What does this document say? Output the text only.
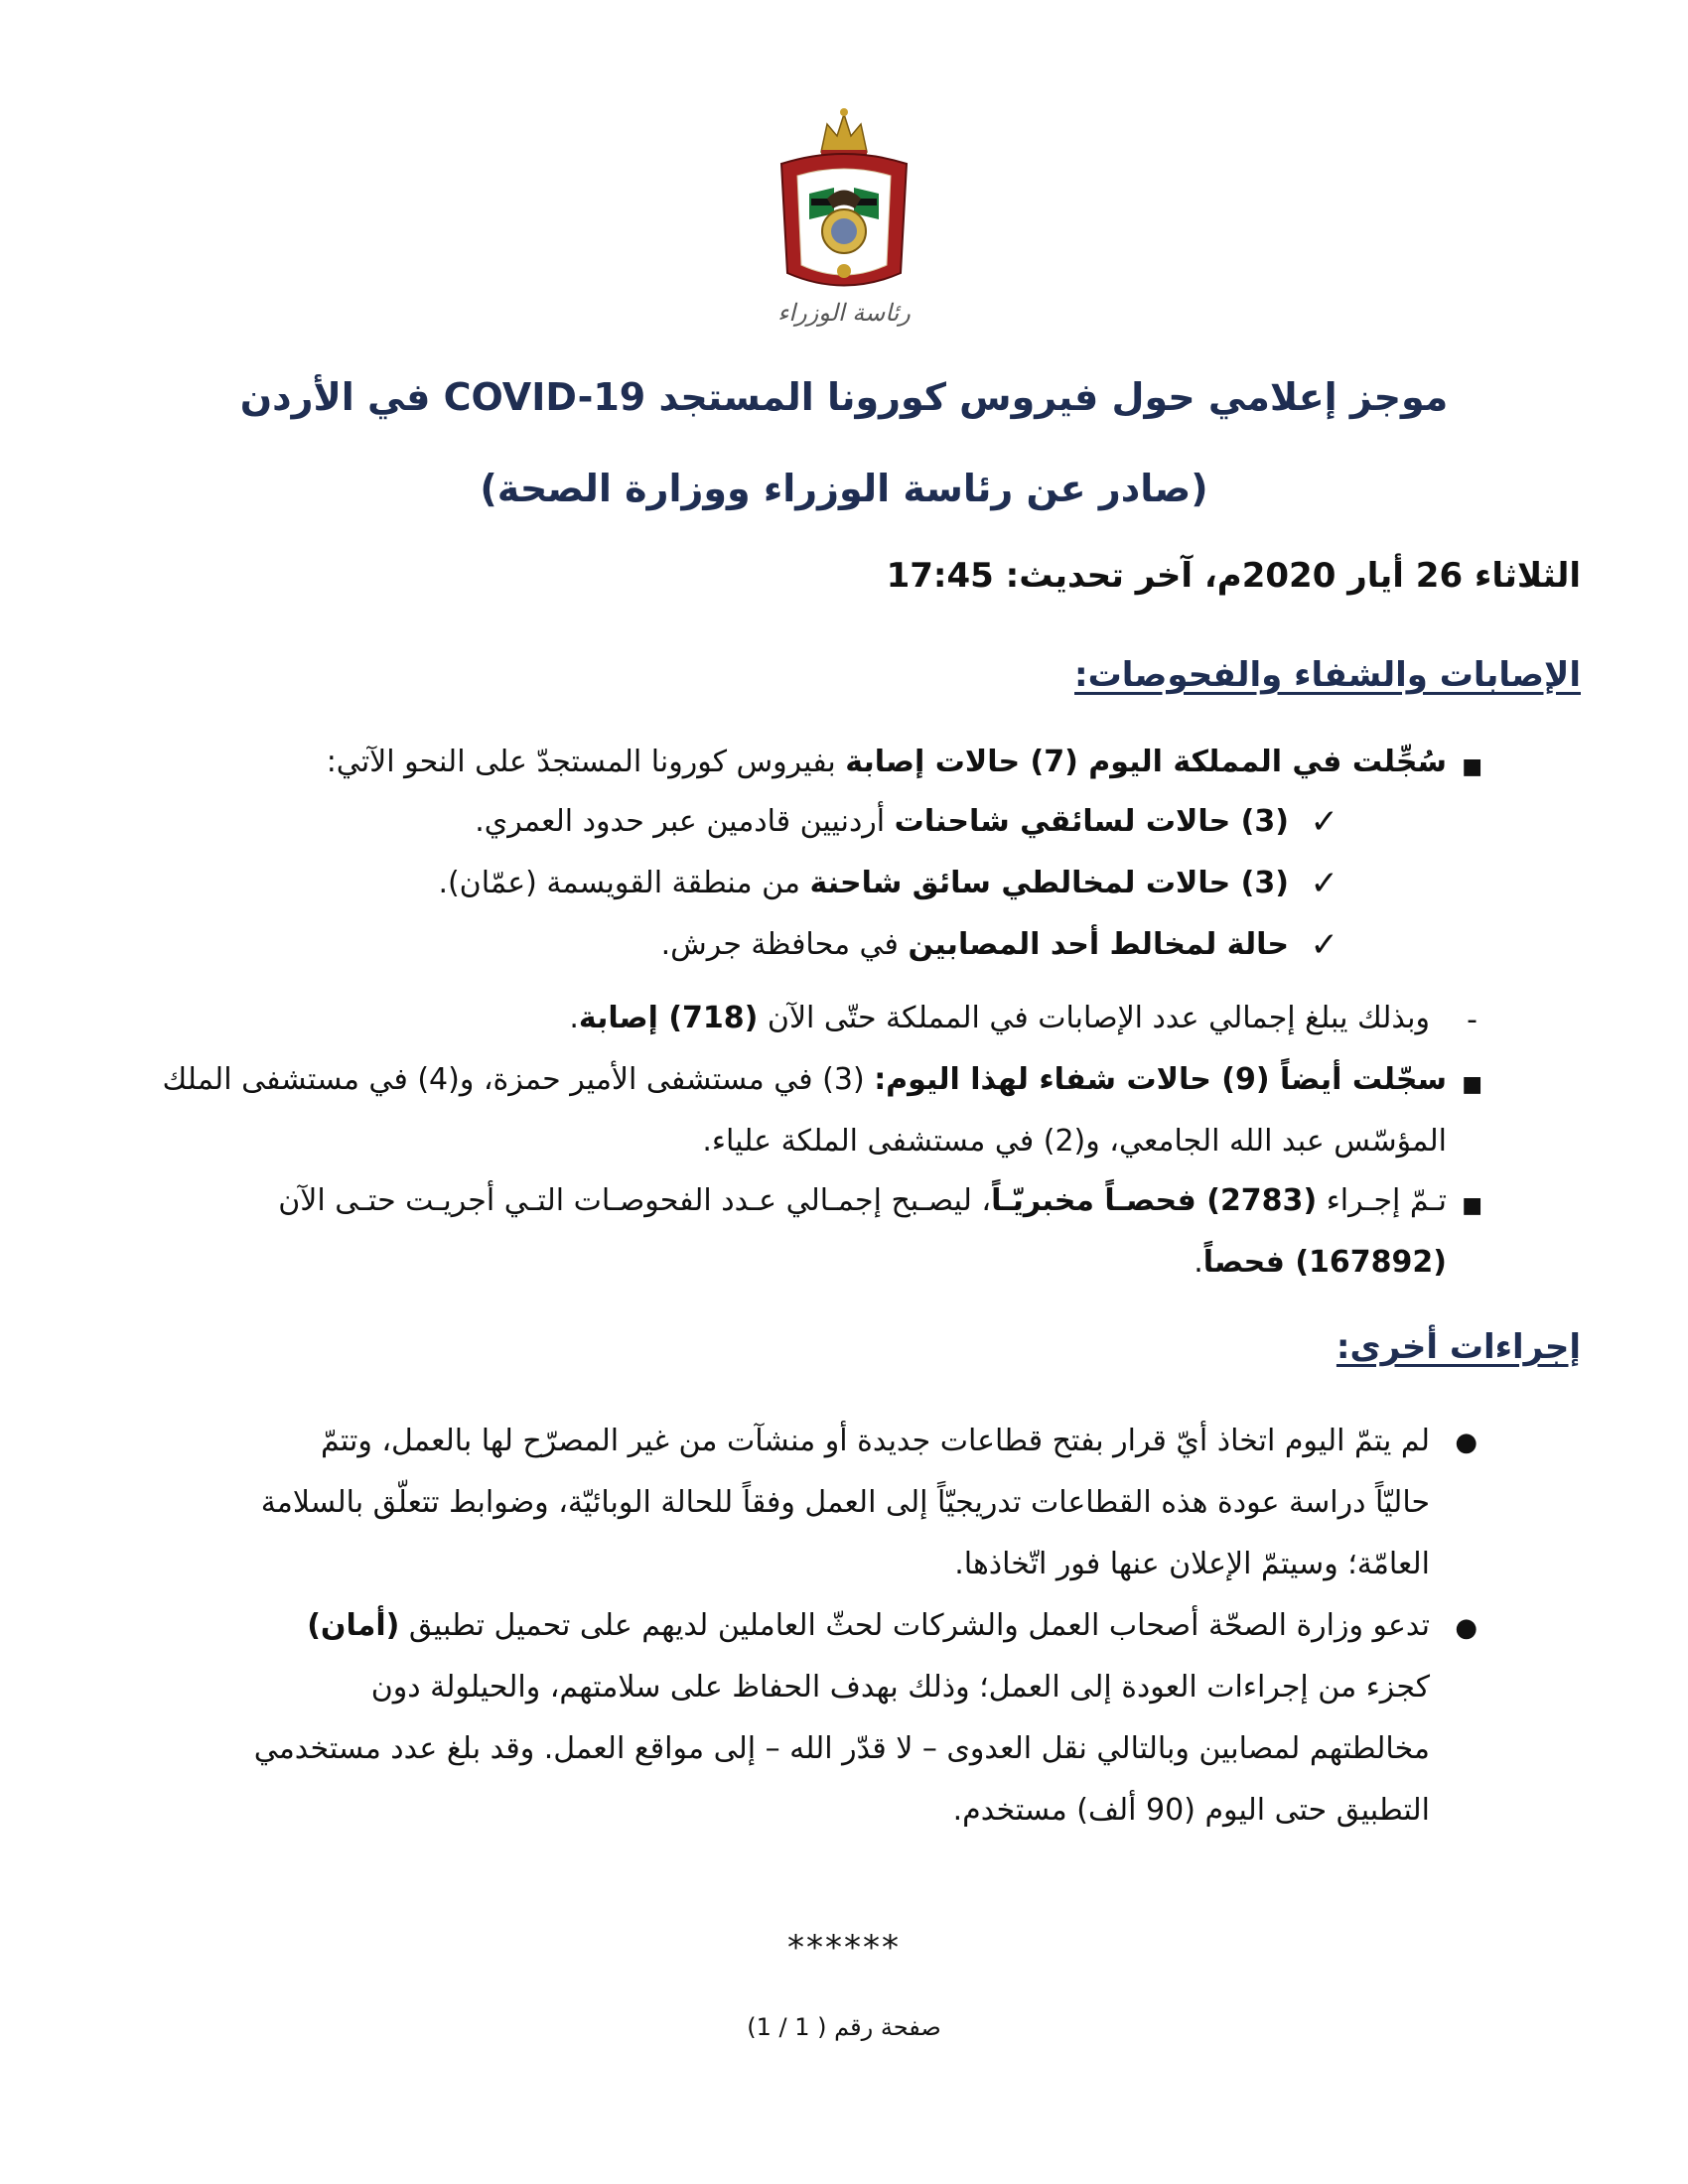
رئاسة الوزراء
موجز إعلامي حول فيروس كورونا المستجد COVID-19 في الأردن
(صادر عن رئاسة الوزراء ووزارة الصحة)
الثلاثاء 26 أيار 2020م، آخر تحديث: 17:45
الإصابات والشفاء والفحوصات:
■
سُجِّلت في المملكة اليوم (7) حالات إصابة بفيروس كورونا المستجدّ على النحو الآتي:
✓
(3) حالات لسائقي شاحنات أردنيين قادمين عبر حدود العمري.
✓
(3) حالات لمخالطي سائق شاحنة من منطقة القويسمة (عمّان).
✓
حالة لمخالط أحد المصابين في محافظة جرش.
-
وبذلك يبلغ إجمالي عدد الإصابات في المملكة حتّى الآن (718) إصابة.
■
سجّلت أيضاً (9) حالات شفاء لهذا اليوم: (3) في مستشفى الأمير حمزة، و(4) في مستشفى الملك
المؤسّس عبد الله الجامعي، و(2) في مستشفى الملكة علياء.
■
تـمّ إجـراء (2783) فحصـاً مخبريّـاً، ليصـبح إجمـالي عـدد الفحوصـات التـي أجريـت حتـى الآن
(167892) فحصاً.
إجراءات أخرى:
●
لم يتمّ اليوم اتخاذ أيّ قرار بفتح قطاعات جديدة أو منشآت من غير المصرّح لها بالعمل، وتتمّ
حاليّاً دراسة عودة هذه القطاعات تدريجيّاً إلى العمل وفقاً للحالة الوبائيّة، وضوابط تتعلّق بالسلامة
العامّة؛ وسيتمّ الإعلان عنها فور اتّخاذها.
●
تدعو وزارة الصحّة أصحاب العمل والشركات لحثّ العاملين لديهم على تحميل تطبيق (أمان)
كجزء من إجراءات العودة إلى العمل؛ وذلك بهدف الحفاظ على سلامتهم، والحيلولة دون
مخالطتهم لمصابين وبالتالي نقل العدوى – لا قدّر الله – إلى مواقع العمل. وقد بلغ عدد مستخدمي
التطبيق حتى اليوم (90 ألف) مستخدم.
******
صفحة رقم ( 1 / 1)
